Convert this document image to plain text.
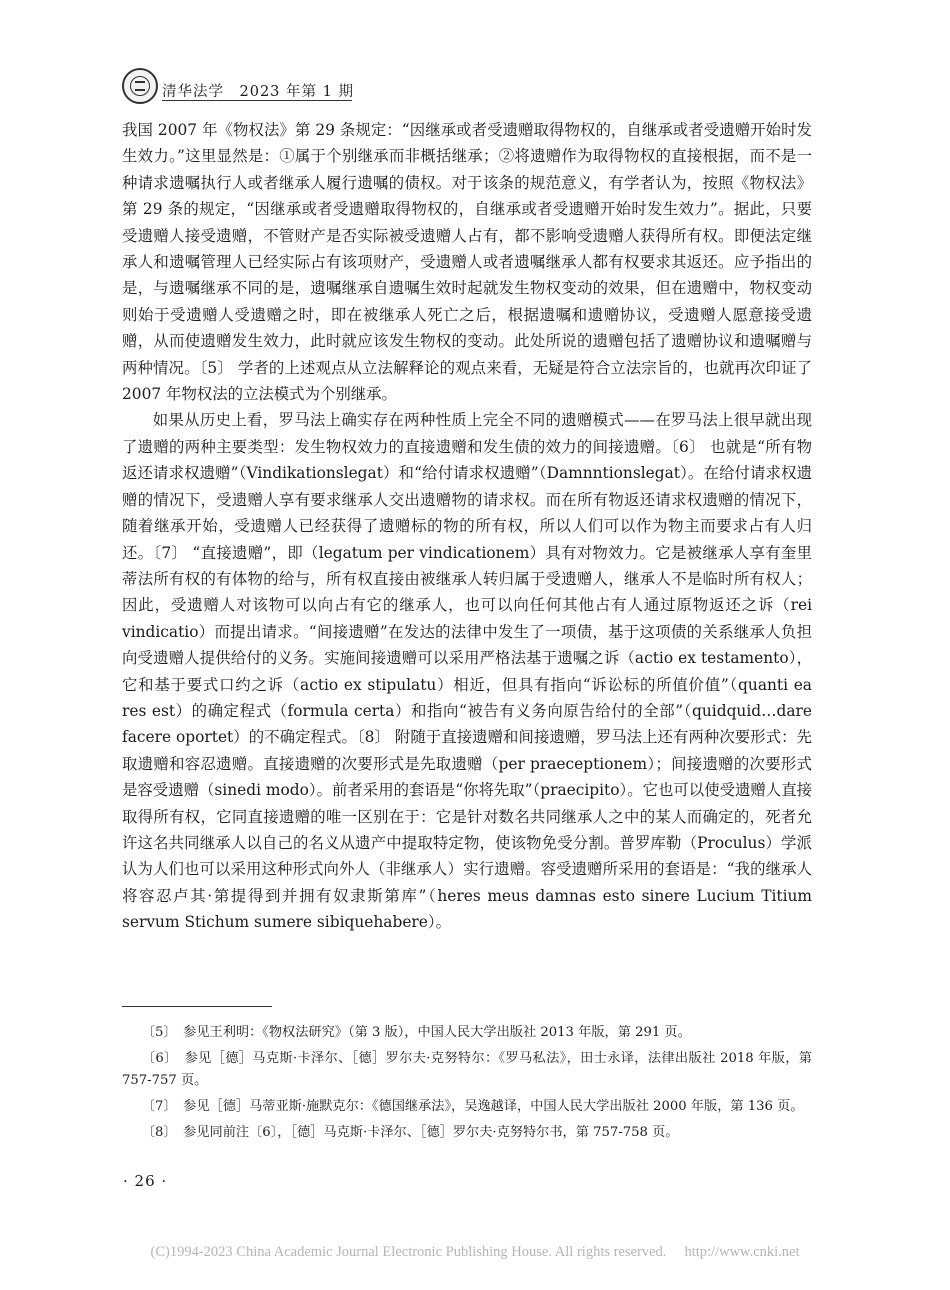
清华法学　2023 年第 1 期

我国 2007 年《物权法》第 29 条规定：“因继承或者受遗赠取得物权的，自继承或者受遗赠开始时发生效力。”这里显然是：①属于个别继承而非概括继承；②将遗赠作为取得物权的直接根据，而不是一种请求遗嘱执行人或者继承人履行遗嘱的债权。对于该条的规范意义，有学者认为，按照《物权法》第 29 条的规定，“因继承或者受遗赠取得物权的，自继承或者受遗赠开始时发生效力”。据此，只要受遗赠人接受遗赠，不管财产是否实际被受遗赠人占有，都不影响受遗赠人获得所有权。即便法定继承人和遗嘱管理人已经实际占有该项财产，受遗赠人或者遗嘱继承人都有权要求其返还。应予指出的是，与遗嘱继承不同的是，遗嘱继承自遗嘱生效时起就发生物权变动的效果，但在遗赠中，物权变动则始于受遗赠人受遗赠之时，即在被继承人死亡之后，根据遗嘱和遗赠协议，受遗赠人愿意接受遗赠，从而使遗赠发生效力，此时就应该发生物权的变动。此处所说的遗赠包括了遗赠协议和遗嘱赠与两种情况。〔5〕 学者的上述观点从立法解释论的观点来看，无疑是符合立法宗旨的，也就再次印证了 2007 年物权法的立法模式为个别继承。

如果从历史上看，罗马法上确实存在两种性质上完全不同的遗赠模式——在罗马法上很早就出现了遗赠的两种主要类型：发生物权效力的直接遗赠和发生债的效力的间接遗赠。〔6〕 也就是“所有物返还请求权遗赠”（Vindikationslegat）和“给付请求权遗赠”（Damnntionslegat）。在给付请求权遗赠的情况下，受遗赠人享有要求继承人交出遗赠物的请求权。而在所有物返还请求权遗赠的情况下，随着继承开始，受遗赠人已经获得了遗赠标的物的所有权，所以人们可以作为物主而要求占有人归还。〔7〕 “直接遗赠”，即（legatum per vindicationem）具有对物效力。它是被继承人享有奎里蒂法所有权的有体物的给与，所有权直接由被继承人转归属于受遗赠人，继承人不是临时所有权人；因此，受遗赠人对该物可以向占有它的继承人，也可以向任何其他占有人通过原物返还之诉（rei vindicatio）而提出请求。“间接遗赠”在发达的法律中发生了一项债，基于这项债的关系继承人负担向受遗赠人提供给付的义务。实施间接遗赠可以采用严格法基于遗嘱之诉（actio ex testamento），它和基于要式口约之诉（actio ex stipulatu）相近，但具有指向“诉讼标的所值价值”（quanti ea res est）的确定程式（formula certa）和指向“被告有义务向原告给付的全部”（quidquid…dare facere oportet）的不确定程式。〔8〕 附随于直接遗赠和间接遗赠，罗马法上还有两种次要形式：先取遗赠和容忍遗赠。直接遗赠的次要形式是先取遗赠（per praeceptionem）；间接遗赠的次要形式是容受遗赠（sinedi modo）。前者采用的套语是“你将先取”（praecipito）。它也可以使受遗赠人直接取得所有权，它同直接遗赠的唯一区别在于：它是针对数名共同继承人之中的某人而确定的，死者允许这名共同继承人以自己的名义从遗产中提取特定物，使该物免受分割。普罗库勒（Proculus）学派认为人们也可以采用这种形式向外人（非继承人）实行遗赠。容受遗赠所采用的套语是：“我的继承人将容忍卢其·第提得到并拥有奴隶斯第库”（heres meus damnas esto sinere Lucium Titium servum Stichum sumere sibiquehabere）。

〔5〕　参见王利明：《物权法研究》（第 3 版），中国人民大学出版社 2013 年版，第 291 页。

〔6〕　参见［德］马克斯·卡泽尔、［德］罗尔夫·克努特尔：《罗马私法》，田士永译，法律出版社 2018 年版，第 757-757 页。

〔7〕　参见［德］马蒂亚斯·施默克尔：《德国继承法》，吴逸越译，中国人民大学出版社 2000 年版，第 136 页。

〔8〕　参见同前注〔6〕，［德］马克斯·卡泽尔、［德］罗尔夫·克努特尔书，第 757-758 页。

· 26 ·
(C)1994-2023 China Academic Journal Electronic Publishing House. All rights reserved.　 http://www.cnki.net
